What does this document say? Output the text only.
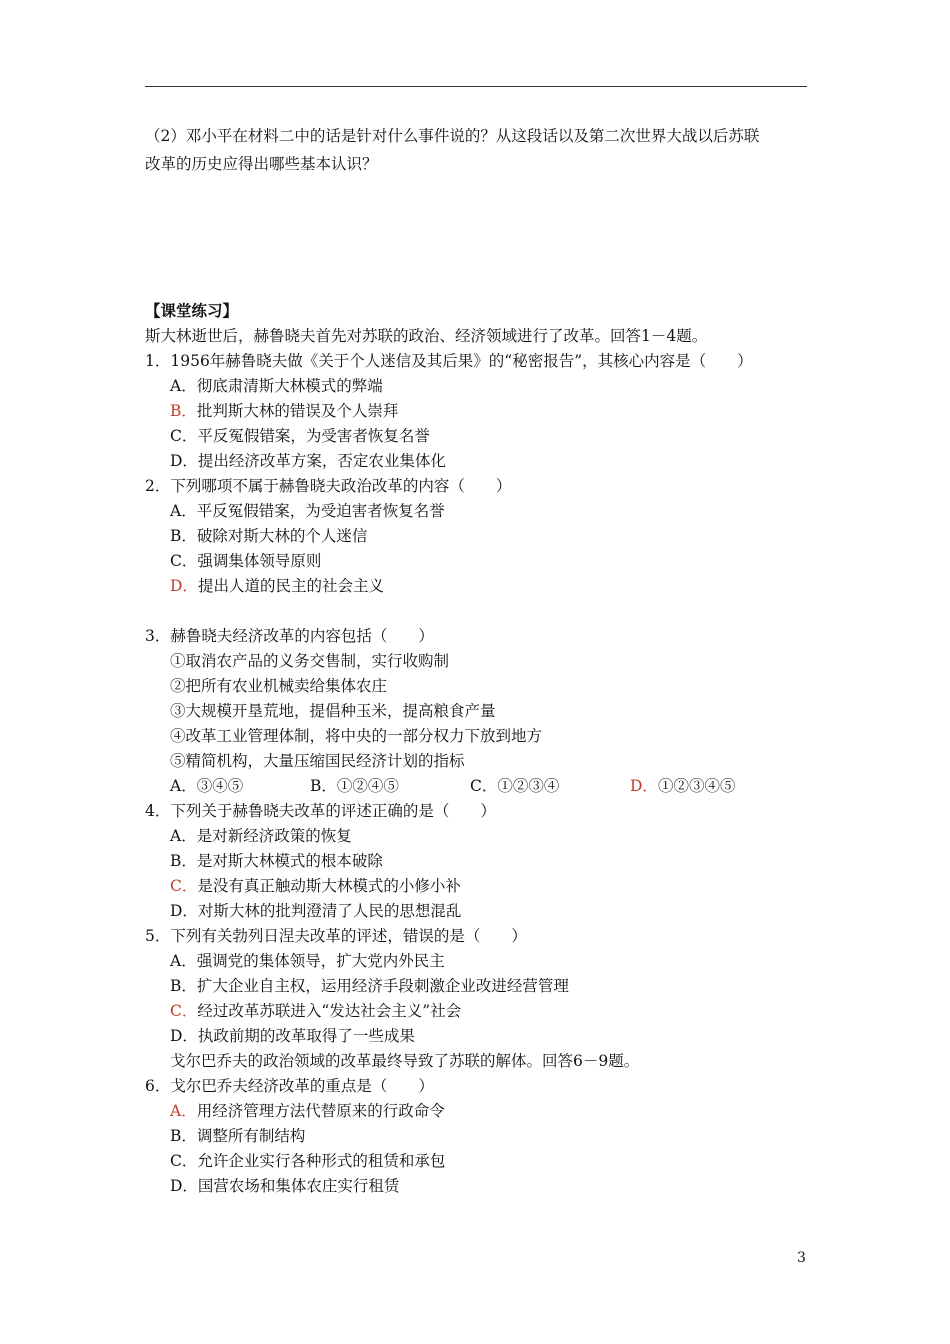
（2）邓小平在材料二中的话是针对什么事件说的？从这段话以及第二次世界大战以后苏联
改革的历史应得出哪些基本认识？
【课堂练习】
斯大林逝世后，赫鲁晓夫首先对苏联的政治、经济领域进行了改革。回答1－4题。
1．1956年赫鲁晓夫做《关于个人迷信及其后果》的“秘密报告”，其核心内容是（　　）
A．彻底肃清斯大林模式的弊端
B．批判斯大林的错误及个人崇拜
C．平反冤假错案，为受害者恢复名誉
D．提出经济改革方案，否定农业集体化
2．下列哪项不属于赫鲁晓夫政治改革的内容（　　）
A．平反冤假错案，为受迫害者恢复名誉
B．破除对斯大林的个人迷信
C．强调集体领导原则
D．提出人道的民主的社会主义
3．赫鲁晓夫经济改革的内容包括（　　）
①取消农产品的义务交售制，实行收购制
②把所有农业机械卖给集体农庄
③大规模开垦荒地，提倡种玉米，提高粮食产量
④改革工业管理体制，将中央的一部分权力下放到地方
⑤精简机构，大量压缩国民经济计划的指标
A．③④⑤	B．①②④⑤	C．①②③④	D．①②③④⑤
4．下列关于赫鲁晓夫改革的评述正确的是（　　）
A．是对新经济政策的恢复
B．是对斯大林模式的根本破除
C．是没有真正触动斯大林模式的小修小补
D．对斯大林的批判澄清了人民的思想混乱
5．下列有关勃列日涅夫改革的评述，错误的是（　　）
A．强调党的集体领导，扩大党内外民主
B．扩大企业自主权，运用经济手段刺激企业改进经营管理
C．经过改革苏联进入“发达社会主义”社会
D．执政前期的改革取得了一些成果
戈尔巴乔夫的政治领域的改革最终导致了苏联的解体。回答6－9题。
6．戈尔巴乔夫经济改革的重点是（　　）
A．用经济管理方法代替原来的行政命令
B．调整所有制结构
C．允许企业实行各种形式的租赁和承包
D．国营农场和集体农庄实行租赁
3
